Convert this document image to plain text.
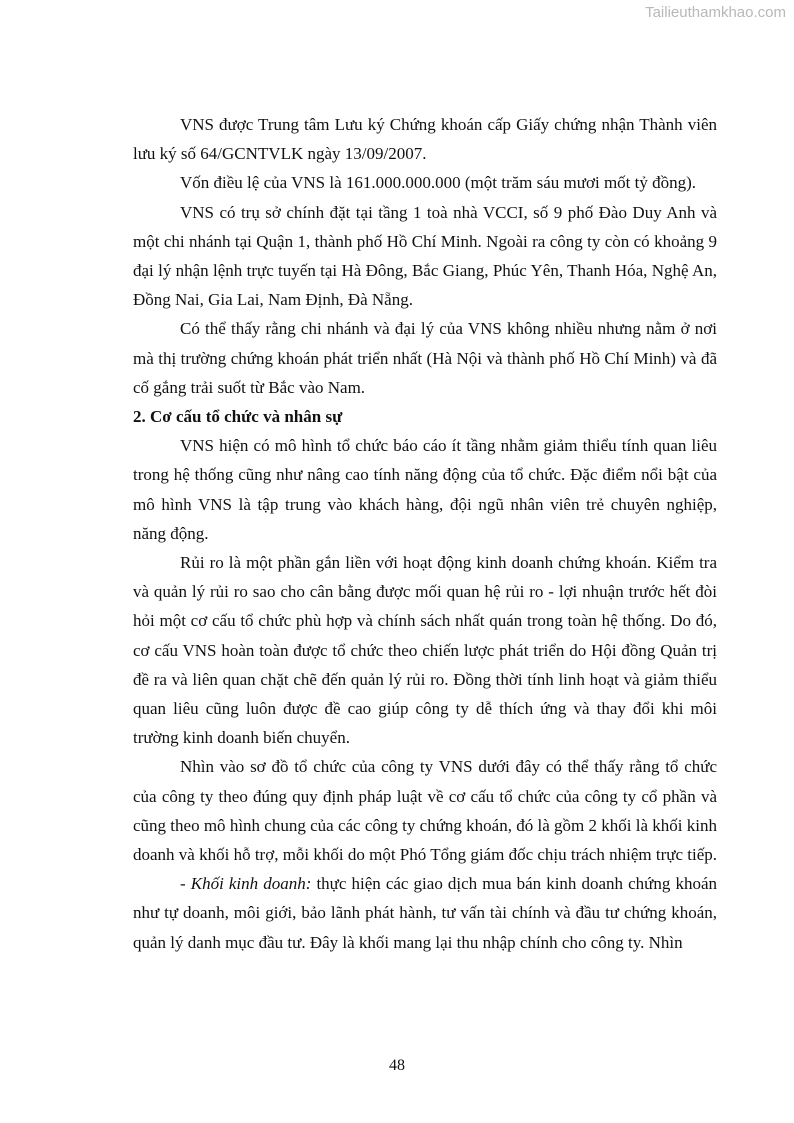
Tailieuthamkhao.com

VNS được Trung tâm Lưu ký Chứng khoán cấp Giấy chứng nhận Thành viên lưu ký số 64/GCNTVLK ngày 13/09/2007.

Vốn điều lệ của VNS là 161.000.000.000 (một trăm sáu mươi mốt tỷ đồng).

VNS có trụ sở chính đặt tại tầng 1 toà nhà VCCI, số 9 phố Đào Duy Anh và một chi nhánh tại Quận 1, thành phố Hồ Chí Minh. Ngoài ra công ty còn có khoảng 9 đại lý nhận lệnh trực tuyến tại Hà Đông, Bắc Giang, Phúc Yên, Thanh Hóa, Nghệ An, Đồng Nai, Gia Lai, Nam Định, Đà Nẵng.

Có thể thấy rằng chi nhánh và đại lý của VNS không nhiều nhưng nằm ở nơi mà thị trường chứng khoán phát triển nhất (Hà Nội và thành phố Hồ Chí Minh) và đã cố gắng trải suốt từ Bắc vào Nam.

2. Cơ cấu tổ chức và nhân sự

VNS hiện có mô hình tổ chức báo cáo ít tầng nhằm giảm thiểu tính quan liêu trong hệ thống cũng như nâng cao tính năng động của tổ chức. Đặc điểm nổi bật của mô hình VNS là tập trung vào khách hàng, đội ngũ nhân viên trẻ chuyên nghiệp, năng động.

Rủi ro là một phần gắn liền với hoạt động kinh doanh chứng khoán. Kiểm tra và quản lý rủi ro sao cho cân bằng được mối quan hệ rủi ro - lợi nhuận trước hết đòi hỏi một cơ cấu tổ chức phù hợp và chính sách nhất quán trong toàn hệ thống. Do đó, cơ cấu VNS hoàn toàn được tổ chức theo chiến lược phát triển do Hội đồng Quản trị đề ra và liên quan chặt chẽ đến quản lý rủi ro. Đồng thời tính linh hoạt và giảm thiểu quan liêu cũng luôn được đề cao giúp công ty dễ thích ứng và thay đổi khi môi trường kinh doanh biến chuyển.

Nhìn vào sơ đồ tổ chức của công ty VNS dưới đây có thể thấy rằng tổ chức của công ty theo đúng quy định pháp luật về cơ cấu tổ chức của công ty cổ phần và cũng theo mô hình chung của các công ty chứng khoán, đó là gồm 2 khối là khối kinh doanh và khối hỗ trợ, mỗi khối do một Phó Tổng giám đốc chịu trách nhiệm trực tiếp.

- Khối kinh doanh: thực hiện các giao dịch mua bán kinh doanh chứng khoán như tự doanh, môi giới, bảo lãnh phát hành, tư vấn tài chính và đầu tư chứng khoán, quản lý danh mục đầu tư. Đây là khối mang lại thu nhập chính cho công ty. Nhìn

48
